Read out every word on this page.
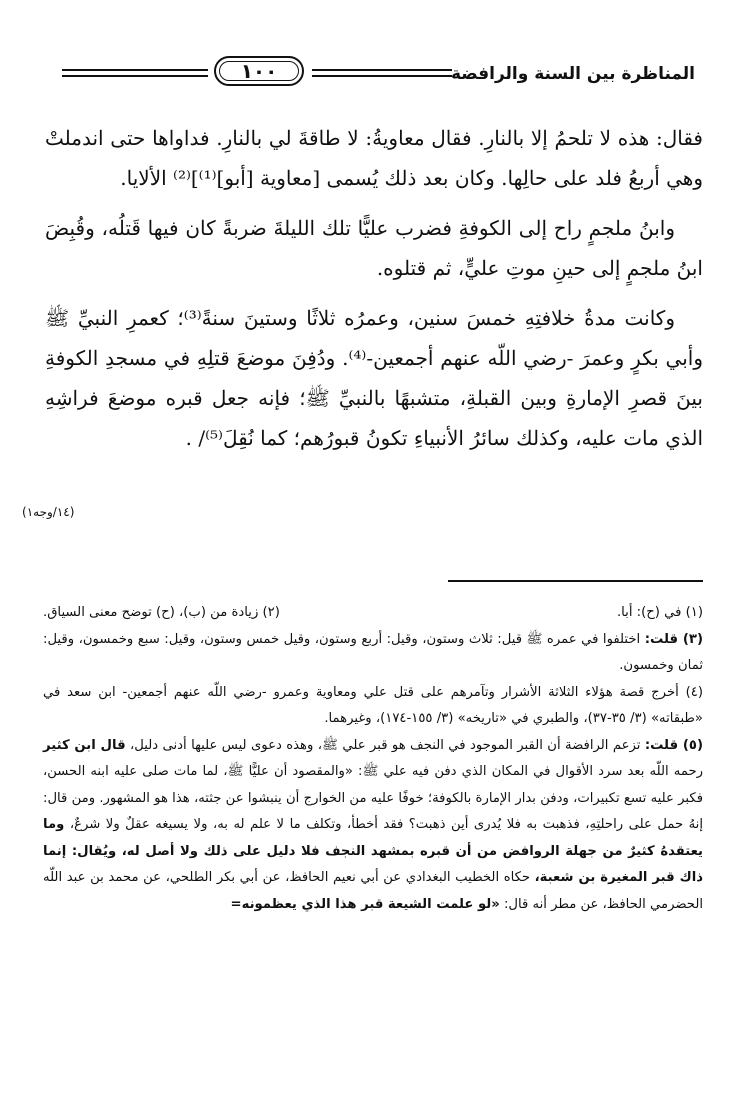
المناظرة بين السنة والرافضة
١٠٠

فقال: هذه لا تلحمُ إلا بالنارِ. فقال معاويةُ: لا طاقةَ لي بالنارِ. فداواها حتى اندملتْ وهي أربعُ فلد على حالِها. وكان بعد ذلك يُسمى [معاوية [أبو]⁽¹⁾]⁽²⁾ الألايا.

وابنُ ملجمٍ راح إلى الكوفةِ فضرب عليًّا تلك الليلةَ ضربةً كان فيها قَتلُه، وقُبِضَ ابنُ ملجمٍ إلى حينِ موتِ عليٍّ، ثم قتلوه.

وكانت مدةُ خلافتِهِ خمسَ سنين، وعمرُه ثلاثًا وستينَ سنةً⁽³⁾؛ كعمرِ النبيِّ ﷺ وأبي بكرٍ وعمرَ -رضي اللّه عنهم أجمعين-⁽⁴⁾. ودُفِنَ موضعَ قتلِهِ في مسجدِ الكوفةِ بينَ قصرِ الإمارةِ وبين القبلةِ، متشبهًا بالنبيِّ ﷺ؛ فإنه جعل قبره موضعَ فراشِهِ الذي مات عليه، وكذلك سائرُ الأنبياءِ تكونُ قبورُهم؛ كما نُقِلَ⁽⁵⁾/ .

(١٤/وجه١)
(١) في (ح): أبا.
(٢) زيادة من (ب)، (ح) توضح معنى السياق.

(٣) قلت: اختلفوا في عمره ﷺ قيل: ثلاث وستون، وقيل: أربع وستون، وقيل خمس وستون، وقيل: سبع وخمسون، وقيل: ثمان وخمسون.

(٤) أخرج قصة هؤلاء الثلاثة الأشرار وتآمرهم على قتل علي ومعاوية وعمرو -رضي اللّه عنهم أجمعين- ابن سعد في «طبقاته» (٣/ ٣٥-٣٧)، والطبري في «تاريخه» (٣/ ١٥٥-١٧٤)، وغيرهما.

(٥) قلت: تزعم الرافضة أن القبر الموجود في النجف هو قبر علي ﷺ، وهذه دعوى ليس عليها أدنى دليل، قال ابن كثير رحمه اللّه بعد سرد الأقوال في المكان الذي دفن فيه علي ﷺ: «والمقصود أن عليًّا ﷺ، لما مات صلى عليه ابنه الحسن، فكبر عليه تسع تكبيرات، ودفن بدار الإمارة بالكوفة؛ خوفًا عليه من الخوارج أن ينبشوا عن جثته، هذا هو المشهور. ومن قال: إنهُ حمل على راحلتِهِ، فذهبت به فلا يُدرى أين ذهبت؟ فقد أخطأ، وتكلف ما لا علم له به، ولا يسيغه عقلٌ ولا شرعٌ، وما يعتقدهُ كثيرٌ من جهلة الروافض من أن قبره بمشهد النجف فلا دليل على ذلك ولا أصل له، ويُقال: إنما ذاك قبر المغيرة بن شعبة، حكاه الخطيب البغدادي عن أبي نعيم الحافظ، عن أبي بكر الطلحي، عن محمد بن عبد اللّه الحضرمي الحافظ، عن مطر أنه قال: «لو علمت الشيعة قبر هذا الذي يعظمونه=
